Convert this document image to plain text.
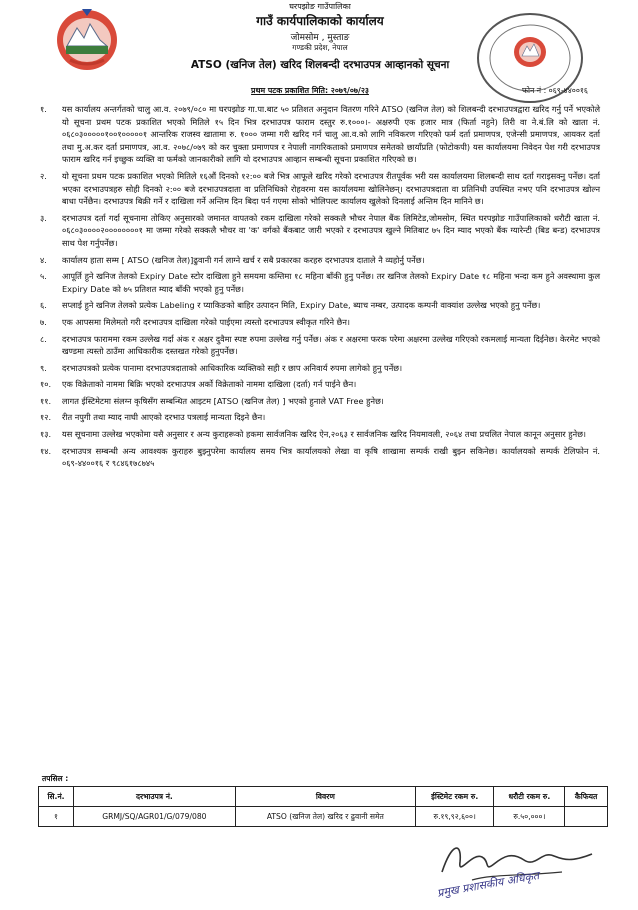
घरपझोङ गाउँपालिका
गाउँ कार्यपालिकाको कार्यालय
जोमसोम , मुस्ताङ
गण्डकी प्रदेश, नेपाल
ATSO (खनिज तेल) खरिद शिलबन्दी दरभाउपत्र आव्हानको सूचना
प्रथम पटक प्रकाशित मिति: २०७९/०७/२३	फोन नं : ०६९-४४००१६
१.	यस कार्यालय अन्तर्गतको चालु आ.व. २०७९/०८० मा घरपझोङ गा.पा.बाट ५० प्रतिशत अनुदान वितरण गरिने ATSO (खनिज तेल) को शिलबन्दी दरभाउपत्रद्वारा खरिद गर्नु पर्ने भएकोले यो सूचना प्रथम पटक प्रकाशित भएको मितिले १५ दिन भित्र दरभाउपत्र फाराम दस्तुर रु.१०००।- अक्षरुपी एक हजार मात्र (फिर्ता नहुने) तिरी वा ने.बं.लि को खाता नं. ०६८०३०००००१००१०००००१ आन्तरिक राजस्व खातामा रु. १००० जम्मा गरी खरिद गर्न चालु आ.व.को लागि नविकरण गरिएको फर्म दर्ता प्रमाणपत्र, एजेन्सी प्रमाणपत्र, आयकर दर्ता तथा मु.अ.कर दर्ता प्रमाणपत्र, आ.व. २०७८/०७९ को कर चुक्ता प्रमाणपत्र र नेपाली नागरिकताको प्रमाणपत्र समेतको छायाँप्रति (फोटोकपी) यस कार्यालयमा निवेदन पेश गरी दरभाउपत्र फाराम खरिद गर्न इच्छुक व्यक्ति वा फर्मको जानकारीको लागि यो दरभाउपत्र आव्हान सम्बन्धी सूचना प्रकाशित गरिएको छ।
२.	यो सूचना प्रथम पटक प्रकाशित भएको मितिले १६औं दिनको १२:०० बजे भित्र आफूले खरिद गरेको दरभाउपत्र रीतपूर्वक भरी यस कार्यालयमा शिलबन्दी साथ दर्ता गराइसक्नु पर्नेछ। दर्ता भएका दरभाउपत्रहरु सोही दिनको २:०० बजे दरभाउपत्रदाता वा प्रतिनिधिको रोहवरमा यस कार्यालयमा खोलिनेछन्। दरभाउपत्रदाता वा प्रतिनिधी उपस्थित नभए पनि दरभाउपत्र खोल्न बाधा पर्नेछैन। दरभाउपत्र बिक्री गर्ने र दाखिला गर्ने अन्तिम दिन बिदा पर्न गएमा सोको भोलिपल्ट कार्यालय खुलेको दिनलाई अन्तिम दिन मानिने छ।
३.	दरभाउपत्र दर्ता गर्दा सूचनामा तोकिए अनुसारको जमानत वापतको रकम दाखिला गरेको सक्कलै भौचर नेपाल बैंक लिमिटेड,जोमसोम, स्थित घरपझोङ गाउँपालिकाको धरौटी खाता नं. ०६८०३००००२००००००००१ मा जम्मा गरेको सक्कलै भौचर वा 'क' वर्गको बैंकबाट जारी भएको र दरभाउपत्र खुल्ने मितिबाट ७५ दिन म्याद भएको बैंक ग्यारेन्टी (बिड बन्ड) दरभाउपत्र साथ पेश गर्नुपर्नेछ।
४.	कार्यालय हाता सम्म [ ATSO (खनिज तेल)]ढुवानी गर्न लाग्ने खर्च र सबै प्रकारका करहरु दरभाउपत्र दाताले नै व्यहोर्नु पर्नेछ।
५.	आपूर्ति हुने खनिज तेलको Expiry Date स्टोर दाखिला हुने समयमा कम्तिमा १८ महिना बाँकी हुनु पर्नेछ। तर खनिज तेलको Expiry Date १८ महिना भन्दा कम हुने अवस्थामा कुल Expiry Date को ७५ प्रतिशत म्याद बाँकी भएको हुनु पर्नेछ।
६.	सप्लाई हुने खनिज तेलको प्रत्येक Labeling र प्याकिङको बाहिर उत्पादन मिति, Expiry Date, ब्याच नम्बर, उत्पादक कम्पनी वाक्यांश उल्लेख भएको हुनु पर्नेछ।
७.	एक आपसमा मिलेमतो गरी दरभाउपत्र दाखिला गरेको पाईएमा त्यस्तो दरभाउपत्र स्वीकृत गरिने छैन।
८.	दरभाउपत्र फाराममा रकम उल्लेख गर्दा अंक र अक्षर दुवैमा स्पष्ट रुपमा उल्लेख गर्नु पर्नेछ। अंक र अक्षरमा फरक परेमा अक्षरमा उल्लेख गरिएको रकमलाई मान्यता दिईनेछ। केरमेट भएको खण्डमा त्यस्तो ठाउँमा आधिकारीक दस्तखत गरेको हुनुपर्नेछ।
९.	दरभाउपत्रको प्रत्येक पानामा दरभाउपत्रदाताको आधिकारिक व्यक्तिको सही र छाप अनिवार्य रुपमा लागेको हुनु पर्नेछ।
१०.	एक विक्रेताको नाममा बिक्रि भएको दरभाउपत्र अर्को विक्रेताको नाममा दाखिला (दर्ता) गर्न पाईने छैन।
११.	लागत ईस्टिमेटमा संलग्न कृषिसँग सम्बन्धित आइटम [ATSO (खनिज तेल) ] भएको हुनाले VAT Free हुनेछ।
१२.	रीत नपुगी तथा म्याद नाघी आएको दरभाउ पत्रलाई मान्यता दिइने छैन।
१३.	यस सूचनामा उल्लेख भएकोमा यसै अनुसार र अन्य कुराहरूको हकमा सार्वजनिक खरिद ऐन,२०६३ र सार्वजनिक खरिद नियमावली, २०६४ तथा प्रचलित नेपाल कानून अनुसार हुनेछ।
१४.	दरभाउपत्र सम्बन्धी अन्य आवश्यक कुराहरु बुझ्नुपरेमा कार्यालय समय भित्र कार्यालयको लेखा वा कृषि शाखामा सम्पर्क राखी बुझ्न सकिनेछ। कार्यालयको सम्पर्क टेलिफोन नं. ०६९-४४००१६ र ९८४६१७८७४५
तपसिल :
सि.नं.	दरभाउपत्र नं.	विवरण	ईस्टिमेट रकम रु.	धरौटी रकम रु.	कैफियत
१	GRMJ/SQ/AGR01/G/079/080	ATSO (खनिज तेल) खरिद र ढुवानी समेत	रु.१९,९२,६००।	रु.५०,०००।	
प्रमुख प्रशासकीय अधिकृत
